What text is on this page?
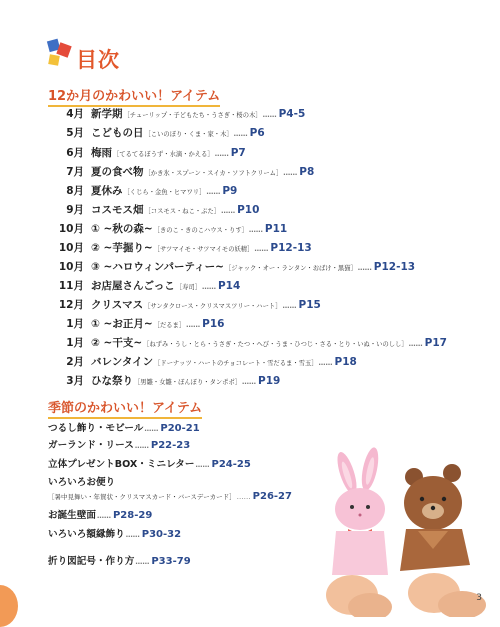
目次
12か月のかわいい！アイテム
4月 新学期 ［チューリップ・子どもたち・うさぎ・桜の木］ …… P4-5
5月 こどもの日 ［こいのぼり・くま・家・木］ …… P6
6月 梅雨 ［てるてるぼうず・水滴・かえる］ …… P7
7月 夏の食べ物 ［かき氷・スプーン・スイカ・ソフトクリーム］ …… P8
8月 夏休み ［くじら・金魚・ヒマワリ］ …… P9
9月 コスモス畑 ［コスモス・ねこ・ぶた］ …… P10
10月 ① ~秋の森~ ［きのこ・きのこハウス・りす］ …… P11
10月 ② ~芋掘り~ ［サツマイモ・サツマイモの妖精］ …… P12-13
10月 ③ ~ハロウィンパーティー~ ［ジャック・オー・ランタン・おばけ・黒猫］ …… P12-13
11月 お店屋さんごっこ ［寿司］ …… P14
12月 クリスマス ［サンタクロース・クリスマスツリー・ハート］ …… P15
1月 ① ~お正月~ ［だるま］ …… P16
1月 ② ~干支~ ［ねずみ・うし・とら・うさぎ・たつ・へび・うま・ひつじ・さる・とり・いぬ・いのしし］ …… P17
2月 バレンタイン ［ドーナッツ・ハートのチョコレート・雪だるま・雪玉］ …… P18
3月 ひな祭り ［男雛・女雛・ぼんぼり・タンポポ］ …… P19
季節のかわいい！アイテム
つるし飾り・モビール…… P20-21
ガーランド・リース…… P22-23
立体プレゼントBOX・ミニレター…… P24-25
いろいろお便り
［暑中見舞い・年賀状・クリスマスカード・バースデーカード］…… P26-27
お誕生壁面…… P28-29
いろいろ額縁飾り…… P30-32
折り図記号・作り方…… P33-79
3
